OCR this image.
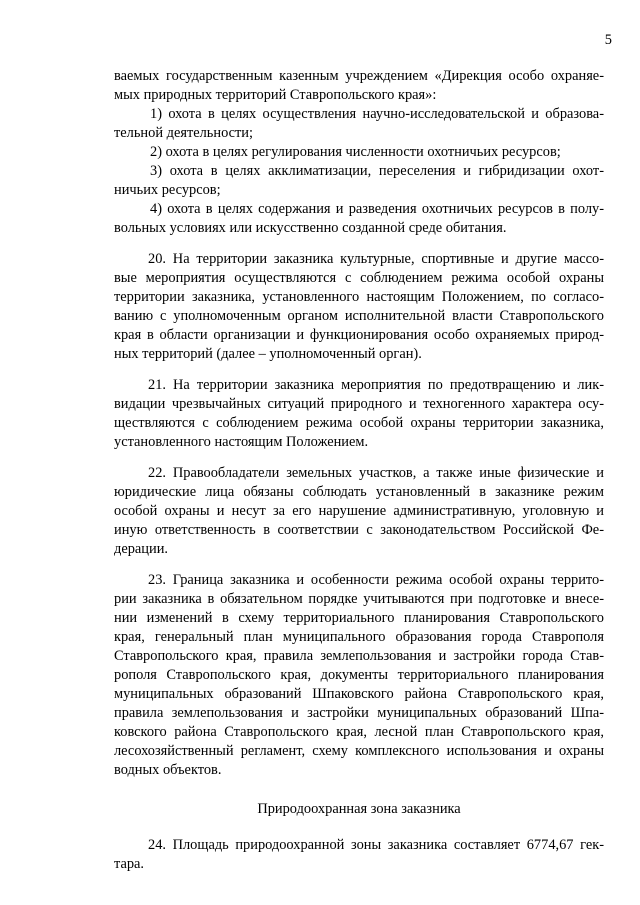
5
ваемых государственным казенным учреждением «Дирекция особо охраняе-
мых природных территорий Ставропольского края»:
1) охота в целях осуществления научно-исследовательской и образова-
тельной деятельности;
2) охота в целях регулирования численности охотничьих ресурсов;
3) охота в целях акклиматизации, переселения и гибридизации охот-
ничьих ресурсов;
4) охота в целях содержания и разведения охотничьих ресурсов в полу-
вольных условиях или искусственно созданной среде обитания.
20. На территории заказника культурные, спортивные и другие массо-
вые мероприятия осуществляются с соблюдением режима особой охраны
территории заказника, установленного настоящим Положением, по согласо-
ванию с уполномоченным органом исполнительной власти Ставропольского
края в области организации и функционирования особо охраняемых природ-
ных территорий (далее – уполномоченный орган).
21. На территории заказника мероприятия по предотвращению и лик-
видации чрезвычайных ситуаций природного и техногенного характера осу-
ществляются с соблюдением режима особой охраны территории заказника,
установленного настоящим Положением.
22. Правообладатели земельных участков, а также иные физические и
юридические лица обязаны соблюдать установленный в заказнике режим
особой охраны и несут за его нарушение административную, уголовную и
иную ответственность в соответствии с законодательством Российской Фе-
дерации.
23. Граница заказника и особенности режима особой охраны террито-
рии заказника в обязательном порядке учитываются при подготовке и внесе-
нии изменений в схему территориального планирования Ставропольского
края, генеральный план муниципального образования города Ставрополя
Ставропольского края, правила землепользования и застройки города Став-
рополя Ставропольского края, документы территориального планирования
муниципальных образований Шпаковского района Ставропольского края,
правила землепользования и застройки муниципальных образований Шпа-
ковского района Ставропольского края, лесной план Ставропольского края,
лесохозяйственный регламент, схему комплексного использования и охраны
водных объектов.
Природоохранная зона заказника
24. Площадь природоохранной зоны заказника составляет 6774,67 гек-
тара.
